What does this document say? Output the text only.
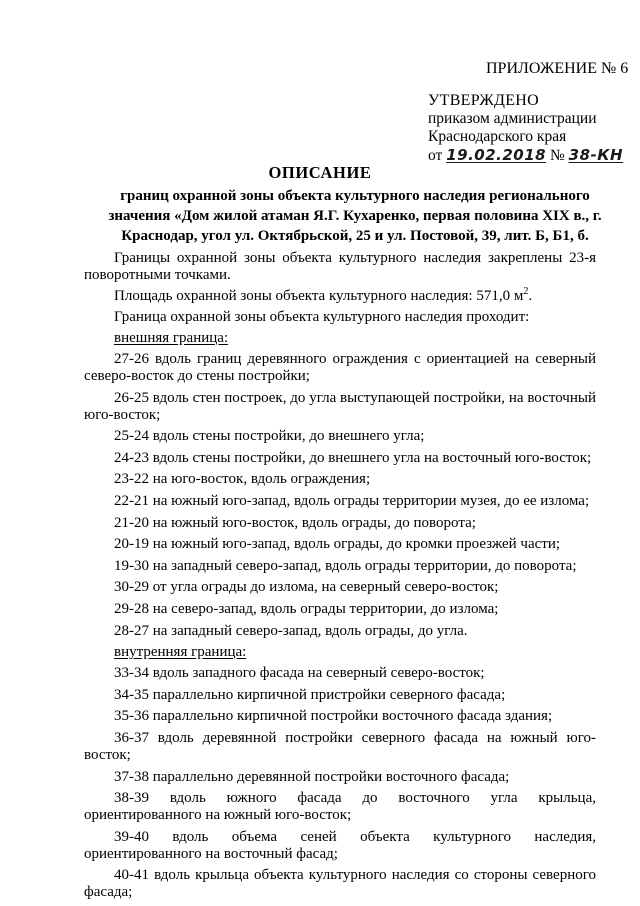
ПРИЛОЖЕНИЕ № 6
УТВЕРЖДЕНО
приказом администрации
Краснодарского края
от 19.02.2018 № 38-КН
ОПИСАНИЕ
границ охранной зоны объекта культурного наследия регионального значения «Дом жилой атаман Я.Г. Кухаренко, первая половина XIX в., г. Краснодар, угол ул. Октябрьской, 25 и ул. Постовой, 39, лит. Б, Б1, б.

Границы охранной зоны объекта культурного наследия закреплены 23-я поворотными точками.

Площадь охранной зоны объекта культурного наследия: 571,0 $м^2$.

Граница охранной зоны объекта культурного наследия проходит:

внешняя граница:

27-26 вдоль границ деревянного ограждения с ориентацией на северный северо-восток до стены постройки;

26-25 вдоль стен построек, до угла выступающей постройки, на восточный юго-восток;

25-24 вдоль стены постройки, до внешнего угла;

24-23 вдоль стены постройки, до внешнего угла на восточный юго-восток;

23-22 на юго-восток, вдоль ограждения;

22-21 на южный юго-запад, вдоль ограды территории музея, до ее излома;

21-20 на южный юго-восток, вдоль ограды, до поворота;

20-19 на южный юго-запад, вдоль ограды, до кромки проезжей части;

19-30 на западный северо-запад, вдоль ограды территории, до поворота;

30-29 от угла ограды до излома, на северный северо-восток;

29-28 на северо-запад, вдоль ограды территории, до излома;

28-27 на западный северо-запад, вдоль ограды, до угла.

внутренняя граница:

33-34 вдоль западного фасада на северный северо-восток;

34-35 параллельно кирпичной пристройки северного фасада;

35-36 параллельно кирпичной постройки восточного фасада здания;

36-37 вдоль деревянной постройки северного фасада на южный юго-восток;

37-38 параллельно деревянной постройки восточного фасада;

38-39 вдоль южного фасада до восточного угла крыльца, ориентированного на южный юго-восток;

39-40 вдоль объема сеней объекта культурного наследия, ориентированного на восточный фасад;

40-41 вдоль крыльца объекта культурного наследия со стороны северного фасада;
